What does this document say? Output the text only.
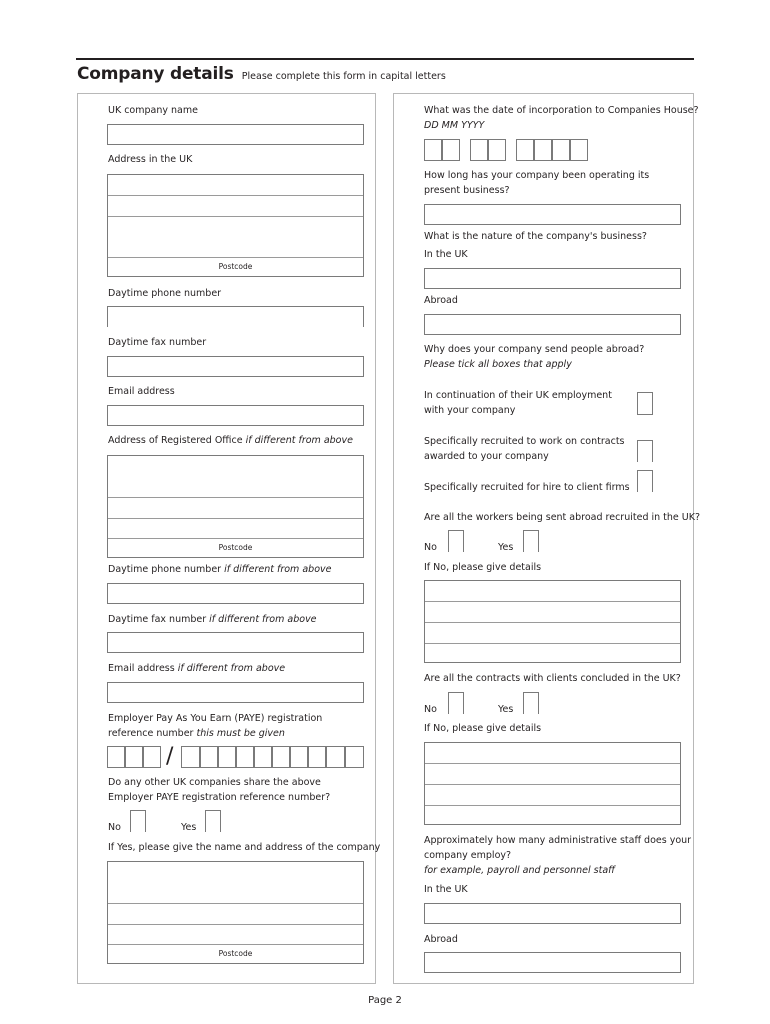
Company details Please complete this form in capital letters
UK company name
Address in the UK
Postcode
Daytime phone number
Daytime fax number
Email address
Address of Registered Office if different from above
Postcode
Daytime phone number if different from above
Daytime fax number if different from above
Email address if different from above
Employer Pay As You Earn (PAYE) registration
reference number this must be given
/
Do any other UK companies share the above
Employer PAYE registration reference number?
No	Yes
If Yes, please give the name and address of the company
Postcode
What was the date of incorporation to Companies House?
DD MM YYYY
How long has your company been operating its
present business?
What is the nature of the company's business?
In the UK
Abroad
Why does your company send people abroad?
Please tick all boxes that apply
In continuation of their UK employment
with your company
Specifically recruited to work on contracts
awarded to your company
Specifically recruited for hire to client firms
Are all the workers being sent abroad recruited in the UK?
No	Yes
If No, please give details
Are all the contracts with clients concluded in the UK?
No	Yes
If No, please give details
Approximately how many administrative staff does your
company employ?
for example, payroll and personnel staff
In the UK
Abroad
Page 2
